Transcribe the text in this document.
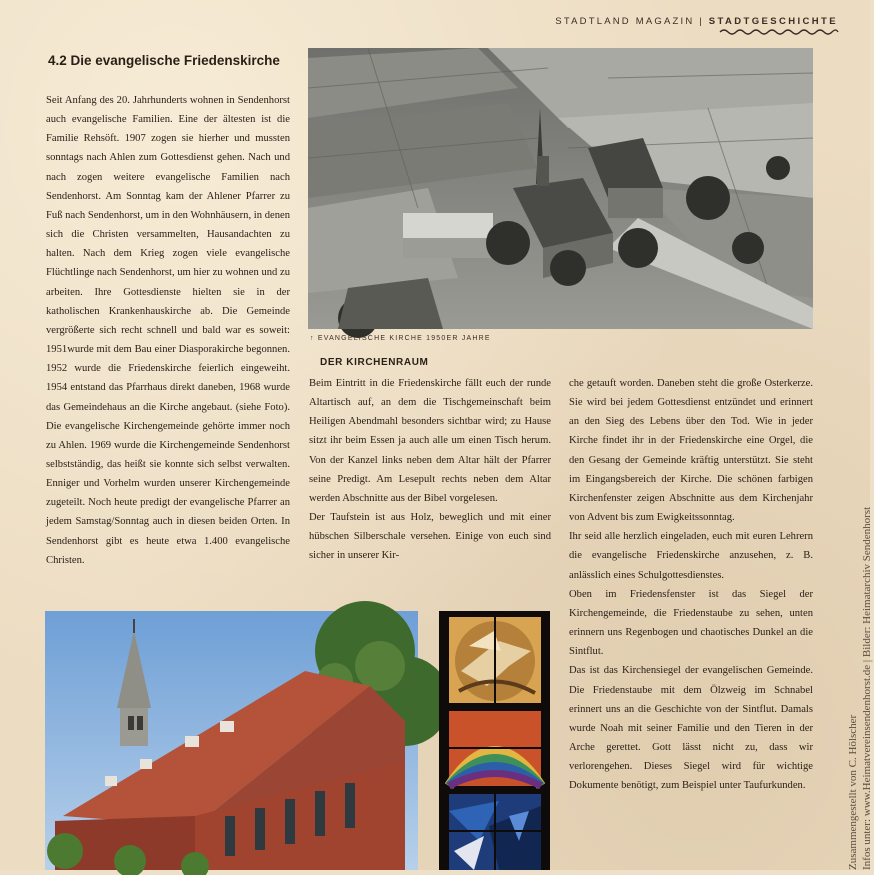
STADTLAND MAGAZIN | STADTGESCHICHTE
4.2 Die evangelische Friedenskirche

Seit Anfang des 20. Jahrhunderts wohnen in Sendenhorst auch evangelische Familien. Eine der ältesten ist die Familie Rehsöft. 1907 zogen sie hierher und mussten sonntags nach Ahlen zum Gottesdienst gehen. Nach und nach zogen weitere evangelische Familien nach Sendenhorst. Am Sonntag kam der Ahlener Pfarrer zu Fuß nach Sendenhorst, um in den Wohnhäusern, in denen sich die Christen versammelten, Hausandachten zu halten. Nach dem Krieg zogen viele evangelische Flüchtlinge nach Sendenhorst, um hier zu wohnen und zu arbeiten. Ihre Gottesdienste hielten sie in der katholischen Krankenhauskirche ab. Die Gemeinde vergrößerte sich recht schnell und bald war es soweit: 1951wurde mit dem Bau einer Diasporakirche begonnen. 1952 wurde die Friedenskirche feierlich eingeweiht. 1954 entstand das Pfarrhaus direkt daneben, 1968 wurde das Gemeindehaus an die Kirche angebaut. (siehe Foto). Die evangelische Kirchengemeinde gehörte immer noch zu Ahlen. 1969 wurde die Kirchengemeinde Sendenhorst selbstständig, das heißt sie konnte sich selbst verwalten. Enniger und Vorhelm wurden unserer Kirchengemeinde zugeteilt. Noch heute predigt der evangelische Pfarrer an jedem Samstag/Sonntag auch in diesen beiden Orten. In Sendenhorst gibt es heute etwa 1.400 evangelische Christen.

↑ EVANGELISCHE KIRCHE 1950ER JAHRE
DER KIRCHENRAUM

Beim Eintritt in die Friedenskirche fällt euch der runde Altartisch auf, an dem die Tischgemeinschaft beim Heiligen Abendmahl besonders sichtbar wird; zu Hause sitzt ihr beim Essen ja auch alle um einen Tisch herum. Von der Kanzel links neben dem Altar hält der Pfarrer seine Predigt. Am Lesepult rechts neben dem Altar werden Abschnitte aus der Bibel vorgelesen.

Der Taufstein ist aus Holz, beweglich und mit einer hübschen Silberschale versehen. Einige von euch sind sicher in unserer Kir-

che getauft worden. Daneben steht die große Osterkerze. Sie wird bei jedem Gottesdienst entzündet und erinnert an den Sieg des Lebens über den Tod. Wie in jeder Kirche findet ihr in der Friedenskirche eine Orgel, die den Gesang der Gemeinde kräftig unterstützt. Sie steht im Eingangsbereich der Kirche. Die schönen farbigen Kirchenfenster zeigen Abschnitte aus dem Kirchenjahr von Advent bis zum Ewigkeitssonntag.

Ihr seid alle herzlich eingeladen, euch mit euren Lehrern die evangelische Friedenskirche anzusehen, z. B. anlässlich eines Schulgottesdienstes.

Oben im Friedensfenster ist das Siegel der Kirchengemeinde, die Friedenstaube zu sehen, unten erinnern uns Regenbogen und chaotisches Dunkel an die Sintflut.

Das ist das Kirchensiegel der evangelischen Gemeinde. Die Friedenstaube mit dem Ölzweig im Schnabel erinnert uns an die Geschichte von der Sintflut. Damals wurde Noah mit seiner Familie und den Tieren in der Arche gerettet. Gott lässt nicht zu, dass wir verlorengehen. Dieses Siegel wird für wichtige Dokumente benötigt, zum Beispiel unter Taufurkunden.	Zusammengestellt von C. Hölscher Infos unter: www.Heimatvereinsendenhorst.de | Bilder: Heimatarchiv Sendenhorst
